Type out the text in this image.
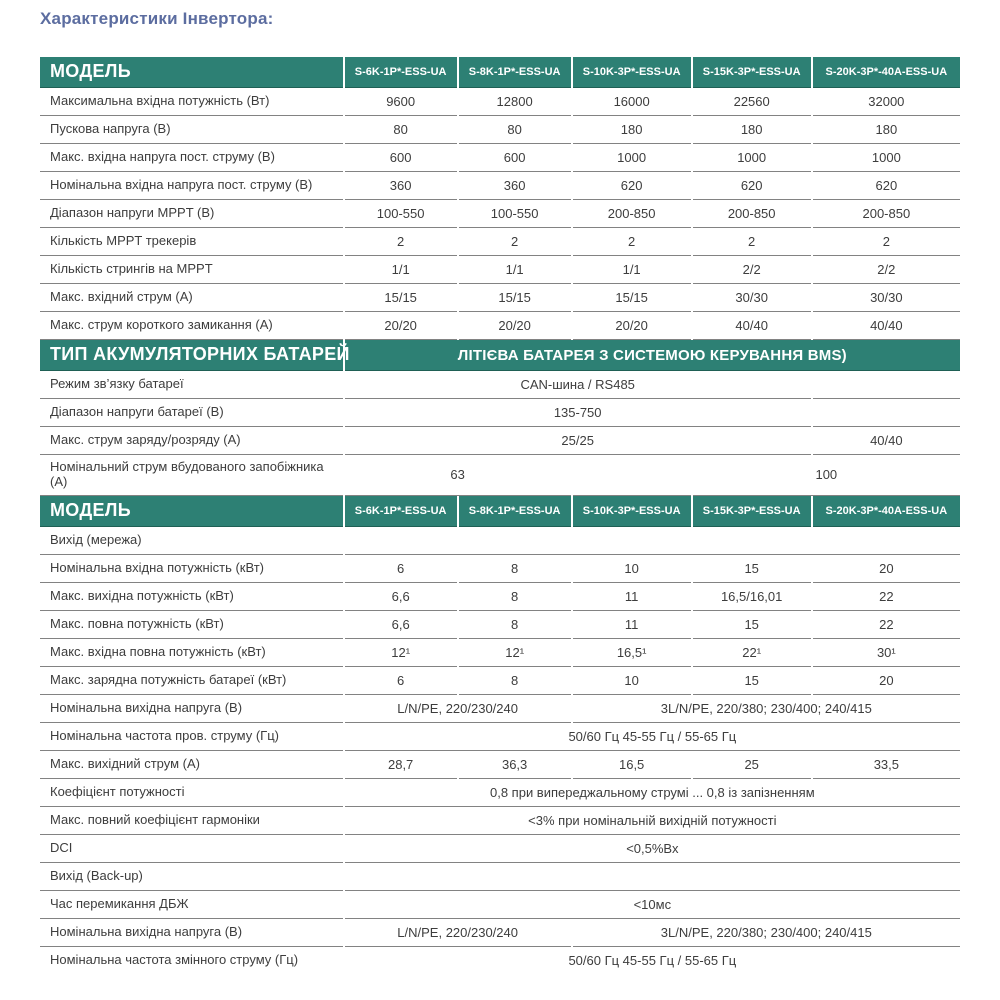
Характеристики Інвертора:
МОДЕЛЬ	S-6K-1P*-ESS-UA	S-8K-1P*-ESS-UA	S-10K-3P*-ESS-UA	S-15K-3P*-ESS-UA	S-20K-3P*-40A-ESS-UA
Максимальна вхідна потужність (Вт)	9600	12800	16000	22560	32000
Пускова напруга (В)	80	80	180	180	180
Макс. вхідна напруга пост. струму (В)	600	600	1000	1000	1000
Номінальна вхідна напруга пост. струму (В)	360	360	620	620	620
Діапазон напруги MPPT (В)	100-550	100-550	200-850	200-850	200-850
Кількість MPPT трекерів	2	2	2	2	2
Кількість стрингів на MPPT	1/1	1/1	1/1	2/2	2/2
Макс. вхідний струм (А)	15/15	15/15	15/15	30/30	30/30
Макс. струм короткого замикання (А)	20/20	20/20	20/20	40/40	40/40
ТИП АКУМУЛЯТОРНИХ БАТАРЕЙ	ЛІТІЄВА БАТАРЕЯ З СИСТЕМОЮ КЕРУВАННЯ BMS)				
Режим зв’язку батареї	CAN-шина / RS485				
Діапазон напруги батареї (В)	135-750				
Макс. струм заряду/розряду (А)	25/25				40/40
Номінальний струм вбудованого запобіжника (А)	63			100	
МОДЕЛЬ	S-6K-1P*-ESS-UA	S-8K-1P*-ESS-UA	S-10K-3P*-ESS-UA	S-15K-3P*-ESS-UA	S-20K-3P*-40A-ESS-UA
Вихід (мережа)					
Номінальна вхідна потужність (кВт)	6	8	10	15	20
Макс. вихідна потужність (кВт)	6,6	8	11	16,5/16,01	22
Макс. повна потужність (кВт)	6,6	8	11	15	22
Макс. вхідна повна потужність (кВт)	12¹	12¹	16,5¹	22¹	30¹
Макс. зарядна потужність батареї (кВт)	6	8	10	15	20
Номінальна вихідна напруга (В)	L/N/PE, 220/230/240		3L/N/PE, 220/380; 230/400; 240/415		
Номінальна частота пров. струму (Гц)	50/60 Гц 45-55 Гц / 55-65 Гц				
Макс. вихідний струм (А)	28,7	36,3	16,5	25	33,5
Коефіцієнт потужності	0,8 при випереджальному струмі ... 0,8 із запізненням				
Макс. повний коефіцієнт гармоніки	<3% при номінальній вихідній потужності				
DCI	<0,5%Вх				
Вихід (Back-up)					
Час перемикання ДБЖ	<10мс				
Номінальна вихідна напруга (В)	L/N/PE, 220/230/240		3L/N/PE, 220/380; 230/400; 240/415		
Номінальна частота змінного струму (Гц)	50/60 Гц 45-55 Гц / 55-65 Гц				
